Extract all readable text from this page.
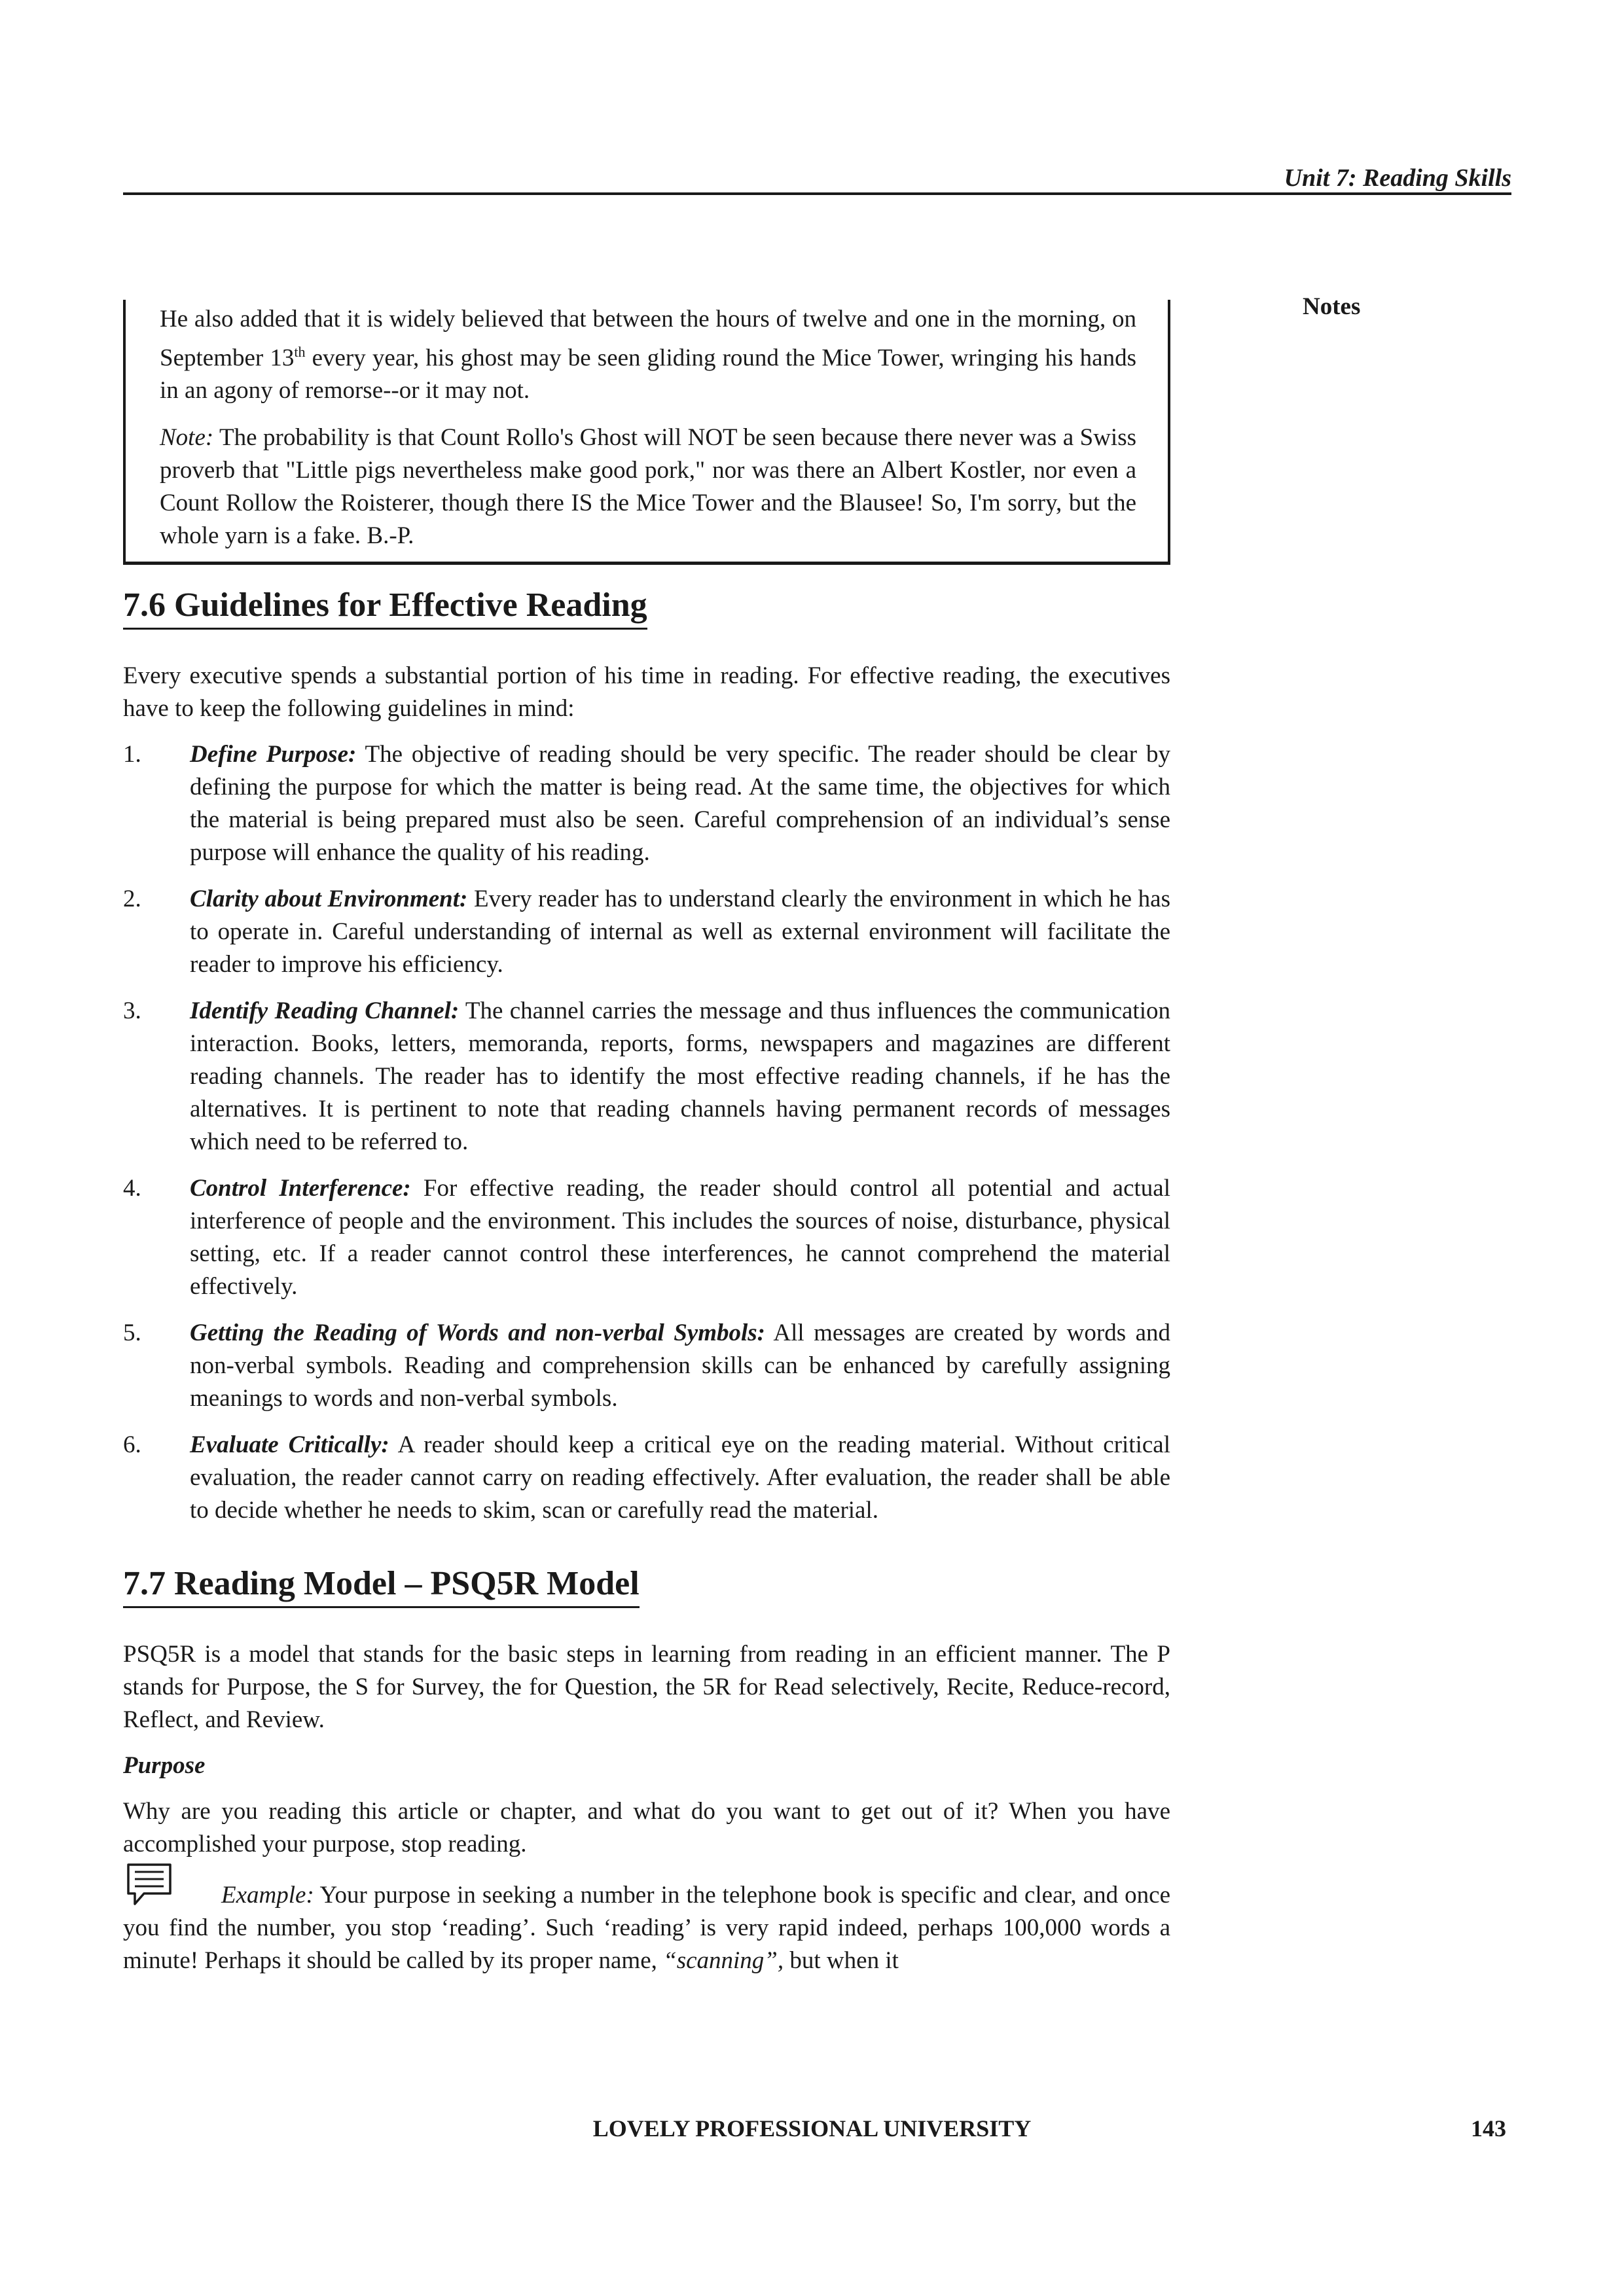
Unit 7: Reading Skills
Notes

He also added that it is widely believed that between the hours of twelve and one in the morning, on September 13th every year, his ghost may be seen gliding round the Mice Tower, wringing his hands in an agony of remorse--or it may not.

Note: The probability is that Count Rollo's Ghost will NOT be seen because there never was a Swiss proverb that "Little pigs nevertheless make good pork," nor was there an Albert Kostler, nor even a Count Rollow the Roisterer, though there IS the Mice Tower and the Blausee! So, I'm sorry, but the whole yarn is a fake. B.-P.

7.6 Guidelines for Effective Reading

Every executive spends a substantial portion of his time in reading. For effective reading, the executives have to keep the following guidelines in mind:

1. Define Purpose: The objective of reading should be very specific. The reader should be clear by defining the purpose for which the matter is being read. At the same time, the objectives for which the material is being prepared must also be seen. Careful comprehension of an individual’s sense purpose will enhance the quality of his reading.
2. Clarity about Environment: Every reader has to understand clearly the environment in which he has to operate in. Careful understanding of internal as well as external environment will facilitate the reader to improve his efficiency.
3. Identify Reading Channel: The channel carries the message and thus influences the communication interaction. Books, letters, memoranda, reports, forms, newspapers and magazines are different reading channels. The reader has to identify the most effective reading channels, if he has the alternatives. It is pertinent to note that reading channels having permanent records of messages which need to be referred to.
4. Control Interference: For effective reading, the reader should control all potential and actual interference of people and the environment. This includes the sources of noise, disturbance, physical setting, etc. If a reader cannot control these interferences, he cannot comprehend the material effectively.
5. Getting the Reading of Words and non-verbal Symbols: All messages are created by words and non-verbal symbols. Reading and comprehension skills can be enhanced by carefully assigning meanings to words and non-verbal symbols.
6. Evaluate Critically: A reader should keep a critical eye on the reading material. Without critical evaluation, the reader cannot carry on reading effectively. After evaluation, the reader shall be able to decide whether he needs to skim, scan or carefully read the material.
7.7 Reading Model – PSQ5R Model

PSQ5R is a model that stands for the basic steps in learning from reading in an efficient manner. The P stands for Purpose, the S for Survey, the for Question, the 5R for Read selectively, Recite, Reduce-record, Reflect, and Review.

Purpose

Why are you reading this article or chapter, and what do you want to get out of it? When you have accomplished your purpose, stop reading.

Example: Your purpose in seeking a number in the telephone book is specific and clear, and once you find the number, you stop ‘reading’. Such ‘reading’ is very rapid indeed, perhaps 100,000 words a minute! Perhaps it should be called by its proper name, “scanning”, but when it

LOVELY PROFESSIONAL UNIVERSITY	143
